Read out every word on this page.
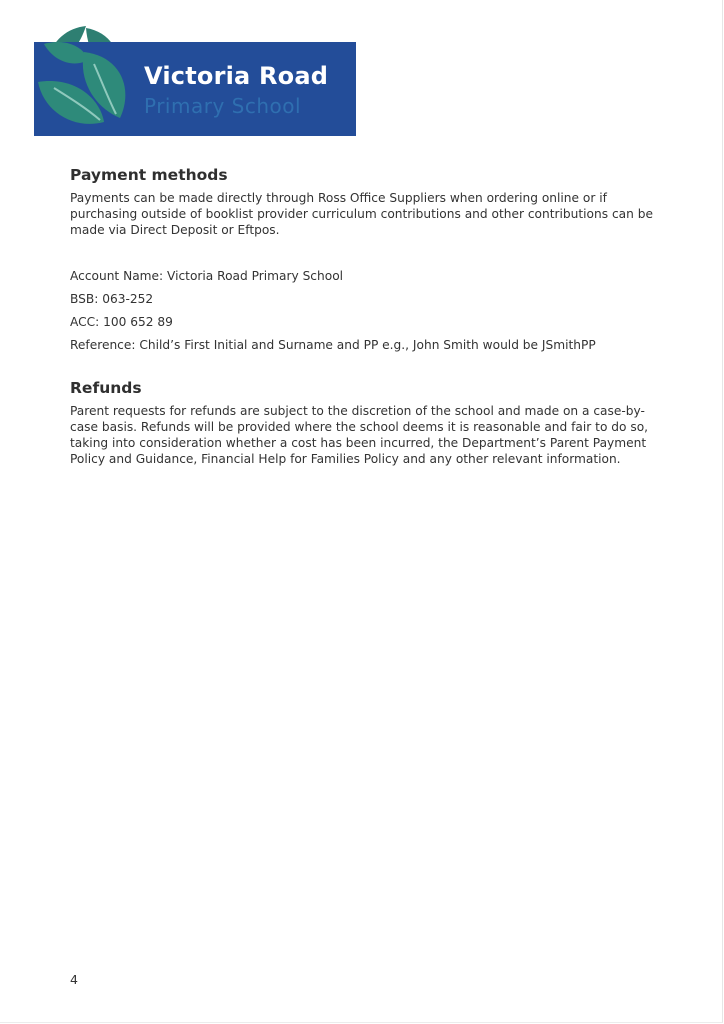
Victoria Road
Primary School
Payment methods

Payments can be made directly through Ross Office Suppliers when ordering online or if purchasing outside of booklist provider curriculum contributions and other contributions can be made via Direct Deposit or Eftpos.

Account Name: Victoria Road Primary School
BSB: 063-252
ACC: 100 652 89
Reference: Child’s First Initial and Surname and PP e.g., John Smith would be JSmithPP
Refunds

Parent requests for refunds are subject to the discretion of the school and made on a case-by-case basis. Refunds will be provided where the school deems it is reasonable and fair to do so, taking into consideration whether a cost has been incurred, the Department’s Parent Payment Policy and Guidance, Financial Help for Families Policy and any other relevant information.

4
